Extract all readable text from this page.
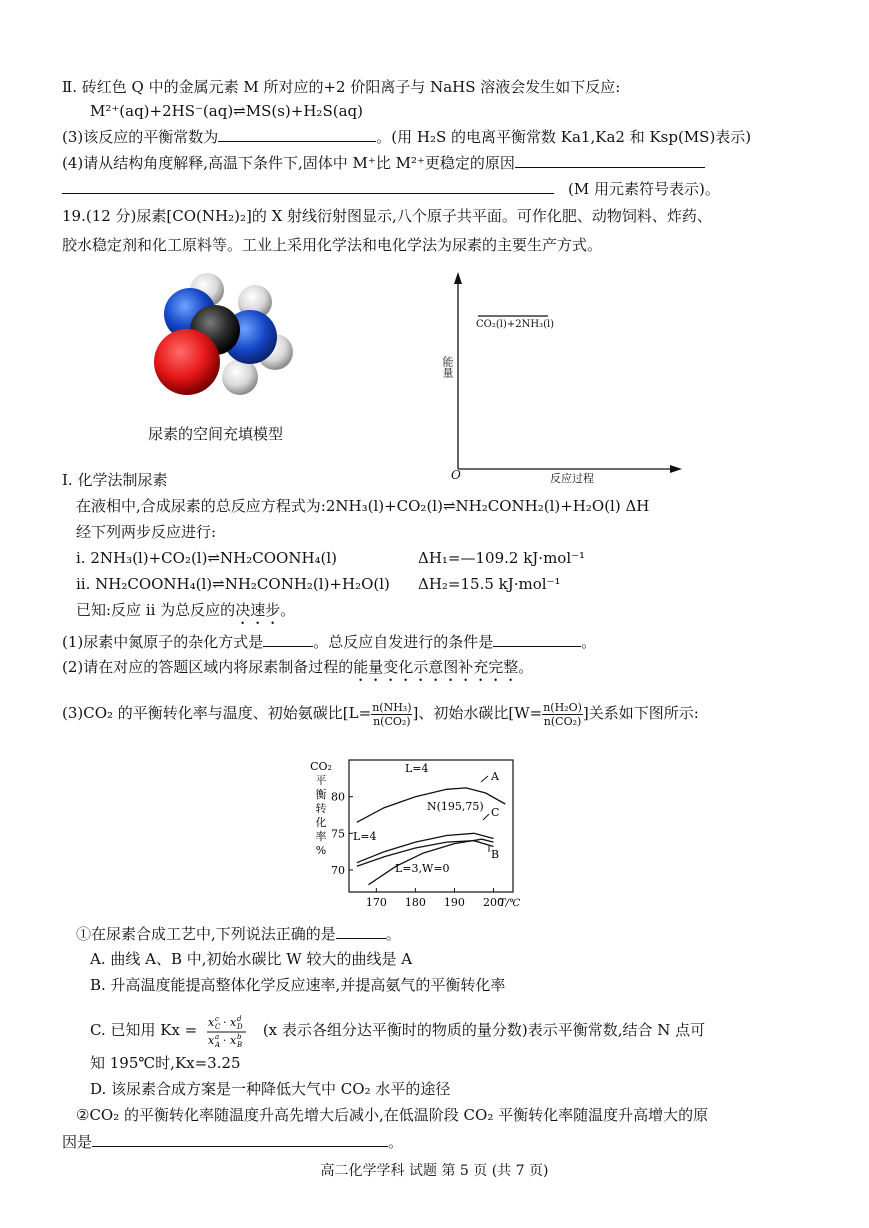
Ⅱ. 砖红色 Q 中的金属元素 M 所对应的+2 价阳离子与 NaHS 溶液会发生如下反应:
M²⁺(aq)+2HS⁻(aq)⇌MS(s)+H₂S(aq)
(3)该反应的平衡常数为	。(用 H₂S 的电离平衡常数 Ka1,Ka2 和 Ksp(MS)表示)
(4)请从结构角度解释,高温下条件下,固体中 M⁺比 M²⁺更稳定的原因
(M 用元素符号表示)。
19.(12 分)尿素[CO(NH₂)₂]的 X 射线衍射图显示,八个原子共平面。可作化肥、动物饲料、炸药、
胶水稳定剂和化工原料等。工业上采用化学法和电化学法为尿素的主要生产方式。
尿素的空间充填模型
CO₂(l)+2NH₃(l)
能量
O	反应过程
I. 化学法制尿素
在液相中,合成尿素的总反应方程式为:2NH₃(l)+CO₂(l)⇌NH₂CONH₂(l)+H₂O(l) ΔH
经下列两步反应进行:
i. 2NH₃(l)+CO₂(l)⇌NH₂COONH₄(l)	ΔH₁=—109.2 kJ·mol⁻¹
ii. NH₂COONH₄(l)⇌NH₂CONH₂(l)+H₂O(l) ΔH₂=15.5 kJ·mol⁻¹
已知:反应 ii 为总反应的决速步。
(1)尿素中氮原子的杂化方式是	。总反应自发进行的条件是	。
(2)请在对应的答题区域内将尿素制备过程的能量变化示意图补充完整。
(3)CO₂ 的平衡转化率与温度、初始氨碳比[$L= \frac{\text{n(NH₃)}}{\text{n(CO₂)}}$ ]、初始水碳比[$W= \frac{\text{n(H₂O)}}{\text{n(CO₂)}}$ ]关系如下图所示:
170 180 190 200
70
75
80
T/℃
CO₂
平
衡
转
化
率
%
L=4
L=4
N(195,75)
L=3,W=0
A
B
C
①在尿素合成工艺中,下列说法正确的是	。
A. 曲线 A、B 中,初始水碳比 W 较大的曲线是 A
B. 升高温度能提高整体化学反应速率,并提高氨气的平衡转化率
C. 已知用 Kx = x c
C · x d
D
x a
A · x b
B
(x 表示各组分达平衡时的物质的量分数)表示平衡常数,结合 N 点可
知 195℃时,Kx=3.25
D. 该尿素合成方案是一种降低大气中 CO₂ 水平的途径
②CO₂ 的平衡转化率随温度升高先增大后减小,在低温阶段 CO₂ 平衡转化率随温度升高增大的原
因是	。
高二化学学科 试题 第 5 页 (共 7 页)
